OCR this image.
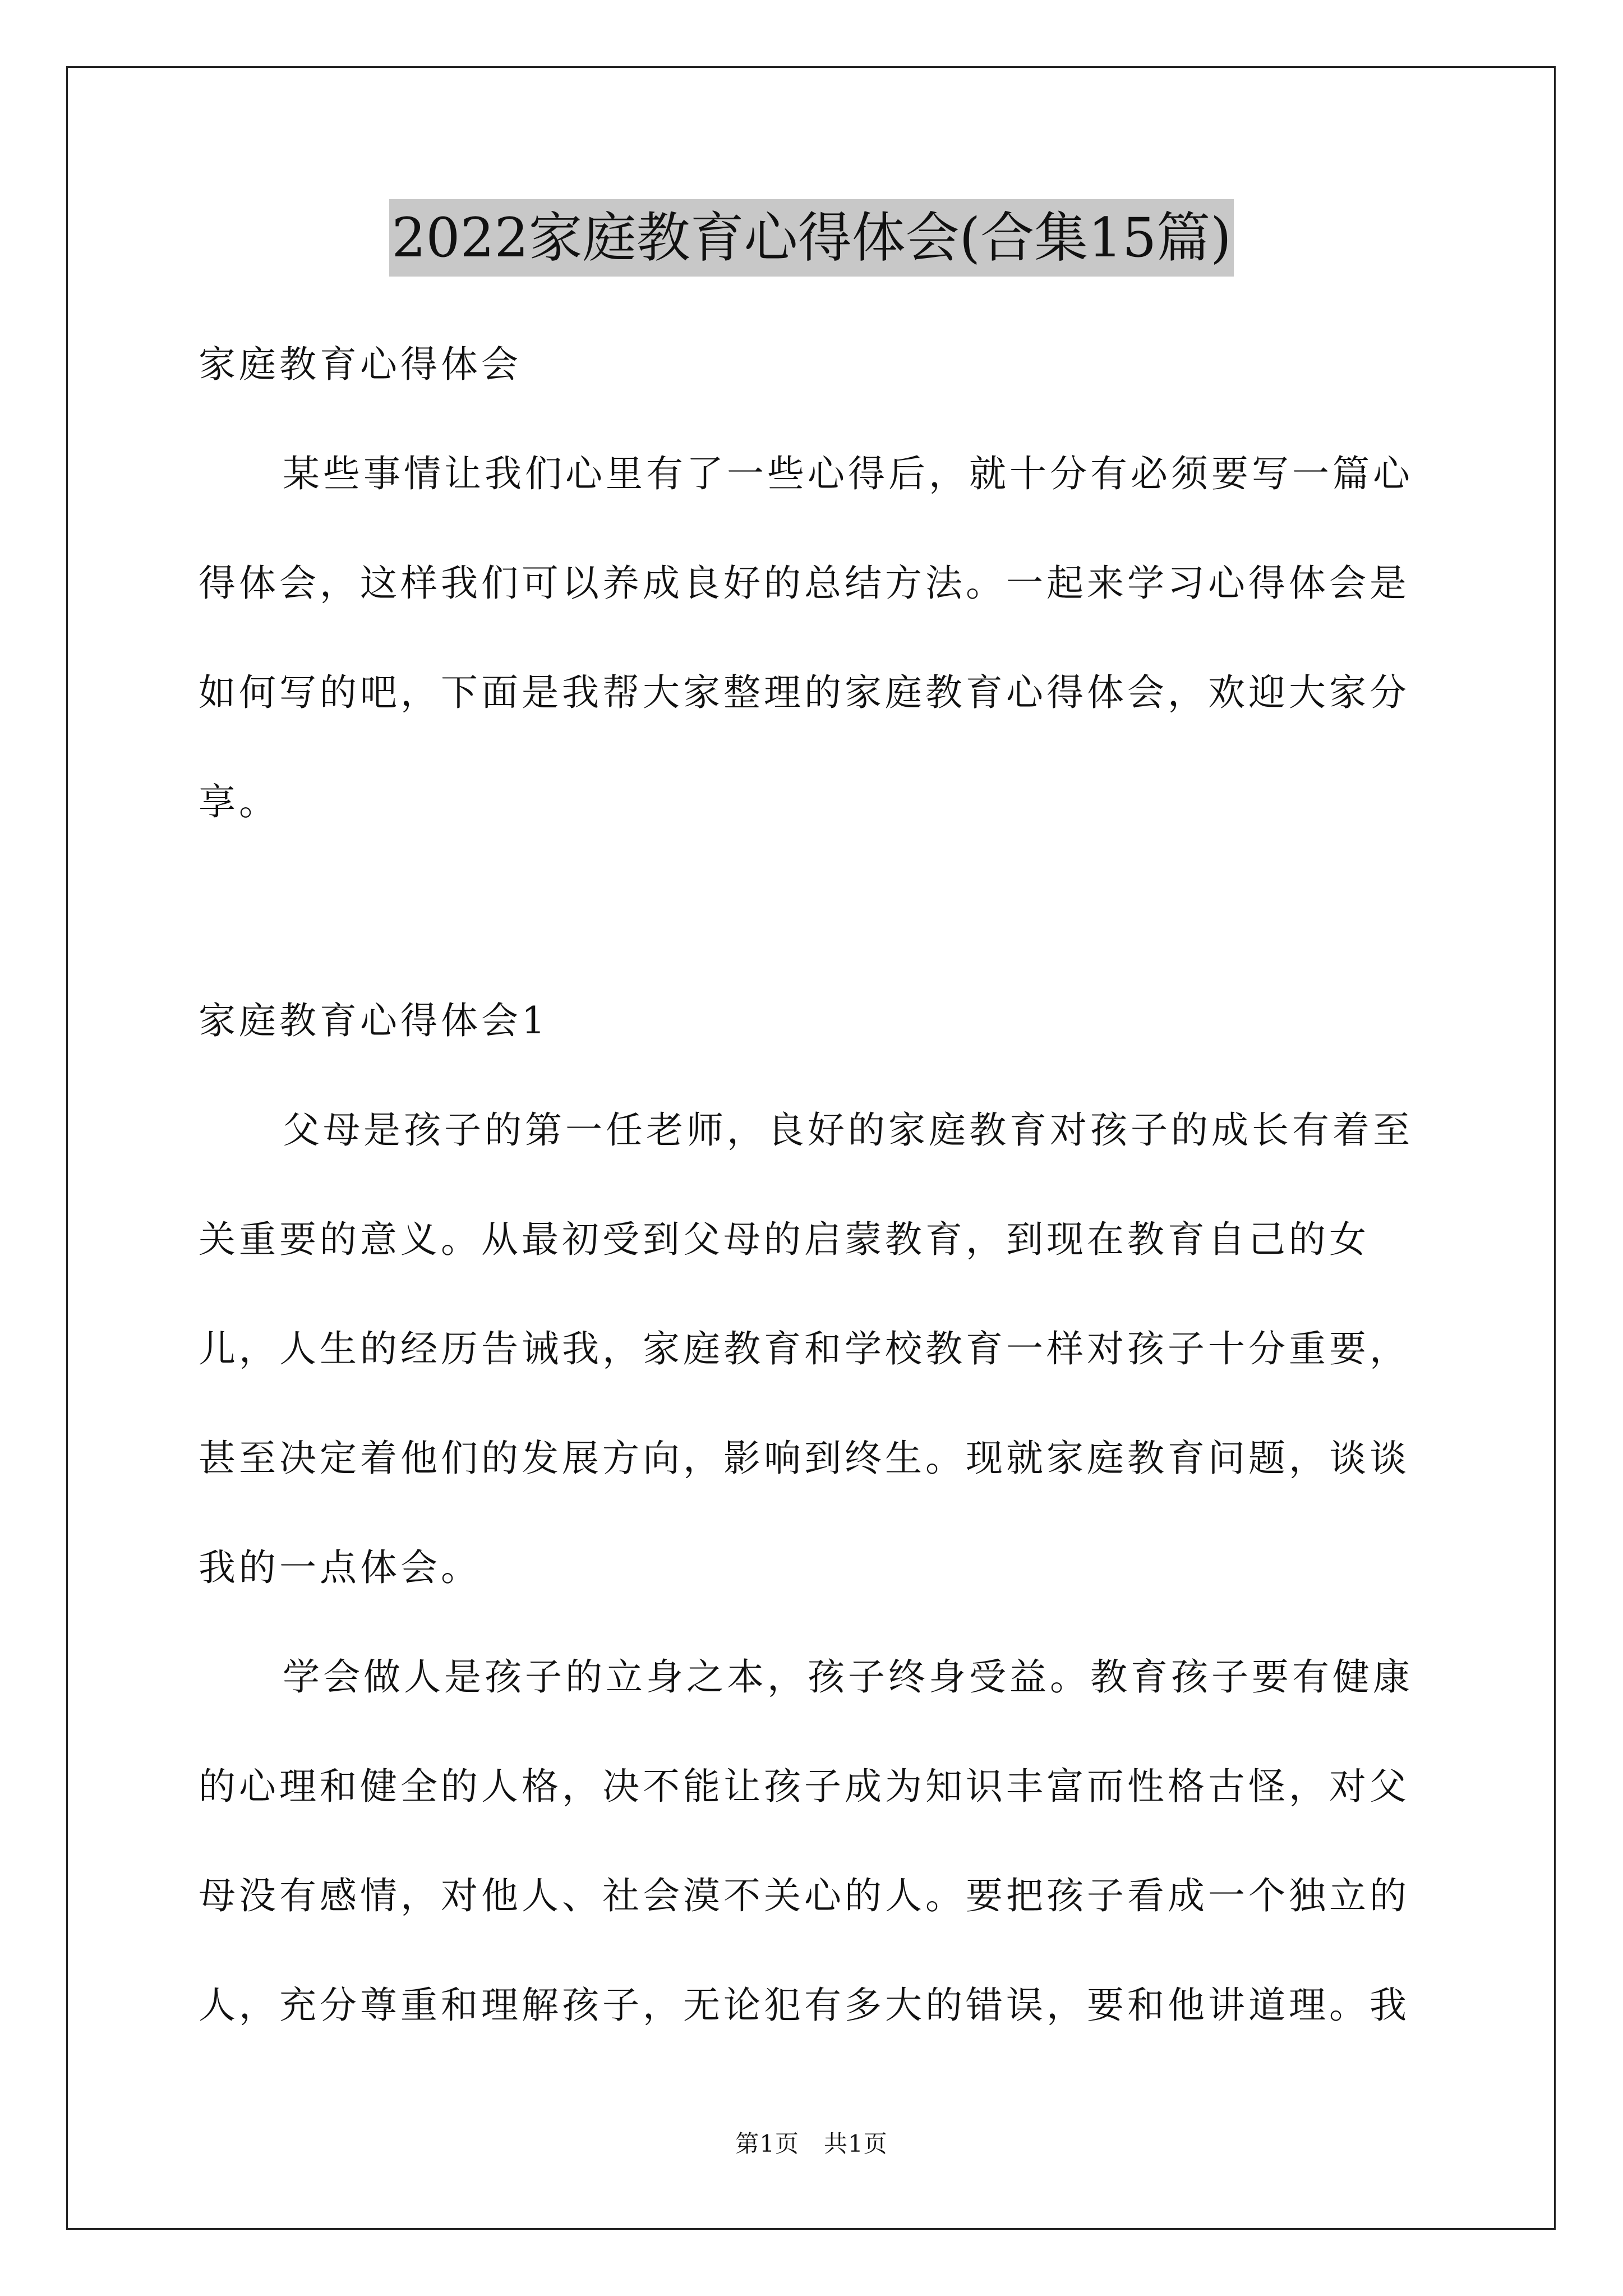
2022家庭教育心得体会(合集15篇)

家庭教育心得体会

某些事情让我们心里有了一些心得后，就十分有必须要写一篇心得体会，这样我们可以养成良好的总结方法。一起来学习心得体会是如何写的吧，下面是我帮大家整理的家庭教育心得体会，欢迎大家分享。

家庭教育心得体会1

父母是孩子的第一任老师，良好的家庭教育对孩子的成长有着至关重要的意义。从最初受到父母的启蒙教育，到现在教育自己的女儿，人生的经历告诫我，家庭教育和学校教育一样对孩子十分重要，甚至决定着他们的发展方向，影响到终生。现就家庭教育问题，谈谈我的一点体会。

学会做人是孩子的立身之本，孩子终身受益。教育孩子要有健康的心理和健全的人格，决不能让孩子成为知识丰富而性格古怪，对父母没有感情，对他人、社会漠不关心的人。要把孩子看成一个独立的人，充分尊重和理解孩子，无论犯有多大的错误，要和他讲道理。我

第1页 共1页
